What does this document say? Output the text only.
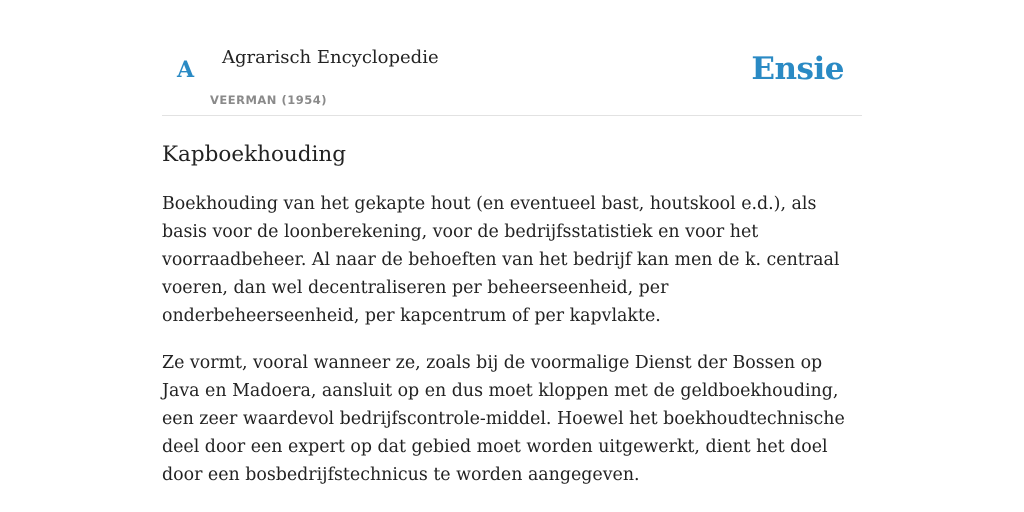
A Agrarisch Encyclopedie
VEERMAN (1954)
Ensie
Kapboekhouding

Boekhouding van het gekapte hout (en eventueel bast, houtskool e.d.), als basis voor de loonberekening, voor de bedrijfsstatistiek en voor het voorraadbeheer. Al naar de behoeften van het bedrijf kan men de k. centraal voeren, dan wel decentraliseren per beheerseenheid, per onderbeheerseenheid, per kapcentrum of per kapvlakte.

Ze vormt, vooral wanneer ze, zoals bij de voormalige Dienst der Bossen op Java en Madoera, aansluit op en dus moet kloppen met de geldboekhouding, een zeer waardevol bedrijfscontrole-middel. Hoewel het boekhoudtechnische deel door een expert op dat gebied moet worden uitgewerkt, dient het doel door een bosbedrijfstechnicus te worden aangegeven.
